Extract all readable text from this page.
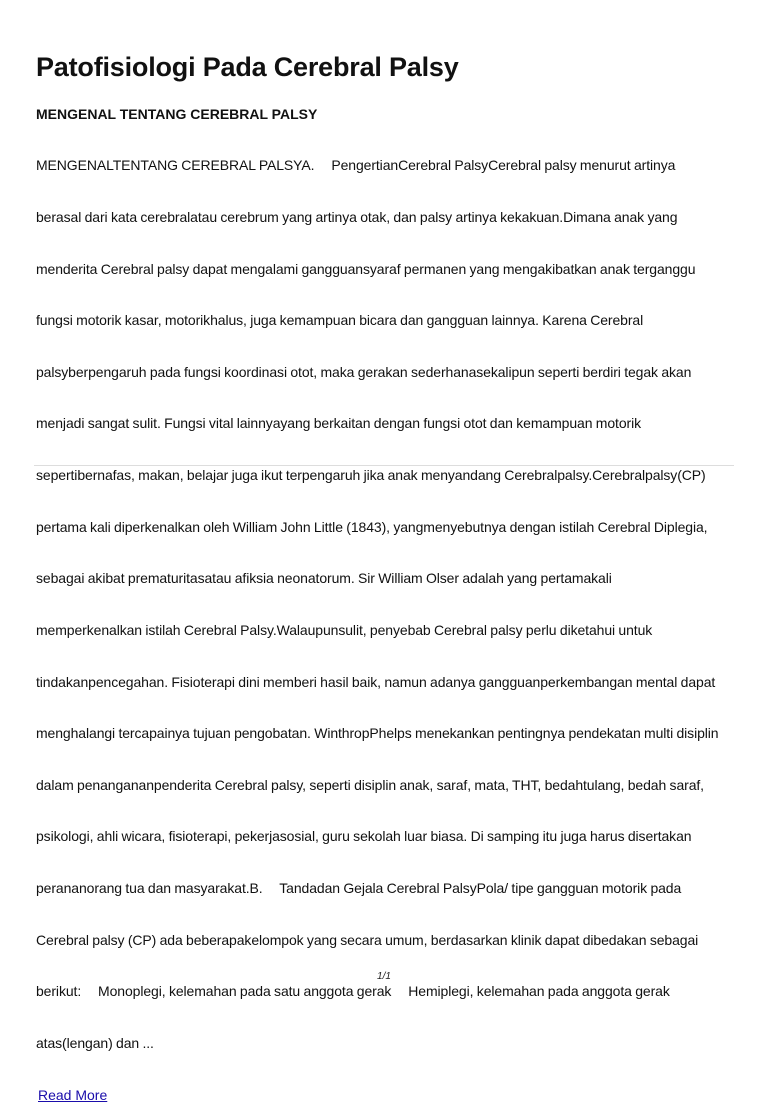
Patofisiologi Pada Cerebral Palsy
MENGENAL TENTANG CEREBRAL PALSY

MENGENALTENTANG CEREBRAL PALSYA.     PengertianCerebral PalsyCerebral palsy menurut artinya

berasal dari kata cerebralatau cerebrum yang artinya otak, dan palsy artinya kekakuan.Dimana anak yang

menderita Cerebral palsy dapat mengalami gangguansyaraf permanen yang mengakibatkan anak terganggu

fungsi motorik kasar, motorikhalus, juga kemampuan bicara dan gangguan lainnya. Karena Cerebral

palsyberpengaruh pada fungsi koordinasi otot, maka gerakan sederhanasekalipun seperti berdiri tegak akan

menjadi sangat sulit. Fungsi vital lainnyayang berkaitan dengan fungsi otot dan kemampuan motorik

sepertibernafas, makan, belajar juga ikut terpengaruh jika anak menyandang Cerebralpalsy.Cerebralpalsy(CP)

pertama kali diperkenalkan oleh William John Little (1843), yangmenyebutnya dengan istilah Cerebral Diplegia,

sebagai akibat prematuritasatau afiksia neonatorum. Sir William Olser adalah yang pertamakali

memperkenalkan istilah Cerebral Palsy.Walaupunsulit, penyebab Cerebral palsy perlu diketahui untuk

tindakanpencegahan. Fisioterapi dini memberi hasil baik, namun adanya gangguanperkembangan mental dapat

menghalangi tercapainya tujuan pengobatan. WinthropPhelps menekankan pentingnya pendekatan multi disiplin

dalam penangananpenderita Cerebral palsy, seperti disiplin anak, saraf, mata, THT, bedahtulang, bedah saraf,

psikologi, ahli wicara, fisioterapi, pekerjasosial, guru sekolah luar biasa. Di samping itu juga harus disertakan

perananorang tua dan masyarakat.B.     Tandadan Gejala Cerebral PalsyPola/ tipe gangguan motorik pada

Cerebral palsy (CP) ada beberapakelompok yang secara umum, berdasarkan klinik dapat dibedakan sebagai

berikut:     Monoplegi, kelemahan pada satu anggota gerak     Hemiplegi, kelemahan pada anggota gerak

atas(lengan) dan ...

Read More
1/1
